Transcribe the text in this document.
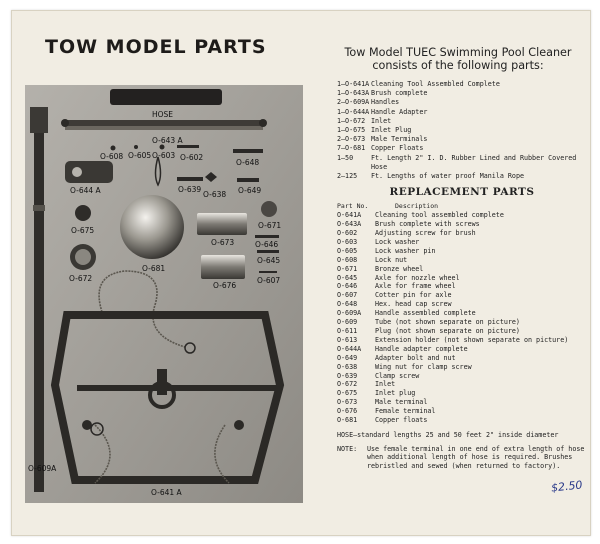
TOW MODEL PARTS
O-609A
HOSE
O-643 A
O-608 O-605 O-603 O-602
O-648
O-644 A
O-681
O-639
O-638 O-649
O-675
O-671
O-673	O-646
O-645
O-672
O-676
O-607
O-641 A
Tow Model TUEC Swimming Pool Cleaner
consists of the following parts:
1—O-641A Cleaning Tool Assembled Complete
1—O-643A Brush complete
2—O-609A Handles
1—O-644A Handle Adapter
1—O-672 Inlet
1—O-675 Inlet Plug
2—O-673 Male Terminals
7—O-681 Copper Floats
1—50	Ft. Length 2" I. D. Rubber Lined and Rubber Covered Hose
2—125	Ft. Lengths of water proof Manila Rope
REPLACEMENT PARTS
Part No.	Description
O-641A	Cleaning tool assembled complete
O-643A	Brush complete with screws
O-602	Adjusting screw for brush
O-603	Lock washer
O-605	Lock washer pin
O-608	Lock nut
O-671	Bronze wheel
O-645	Axle for nozzle wheel
O-646	Axle for frame wheel
O-607	Cotter pin for axle
O-648	Hex. head cap screw
O-609A	Handle assembled complete
O-609	Tube (not shown separate on picture)
O-611	Plug (not shown separate on picture)
O-613	Extension holder (not shown separate on picture)
O-644A	Handle adapter complete
O-649	Adapter bolt and nut
O-638	Wing nut for clamp screw
O-639	Clamp screw
O-672	Inlet
O-675	Inlet plug
O-673	Male terminal
O-676	Female terminal
O-681	Copper floats
HOSE—standard lengths 25 and 50 feet 2" inside diameter
NOTE:	Use female terminal in one end of extra length of hose when additional length of hose is required. Brushes rebristled and sewed (when returned to factory).
$2.50
